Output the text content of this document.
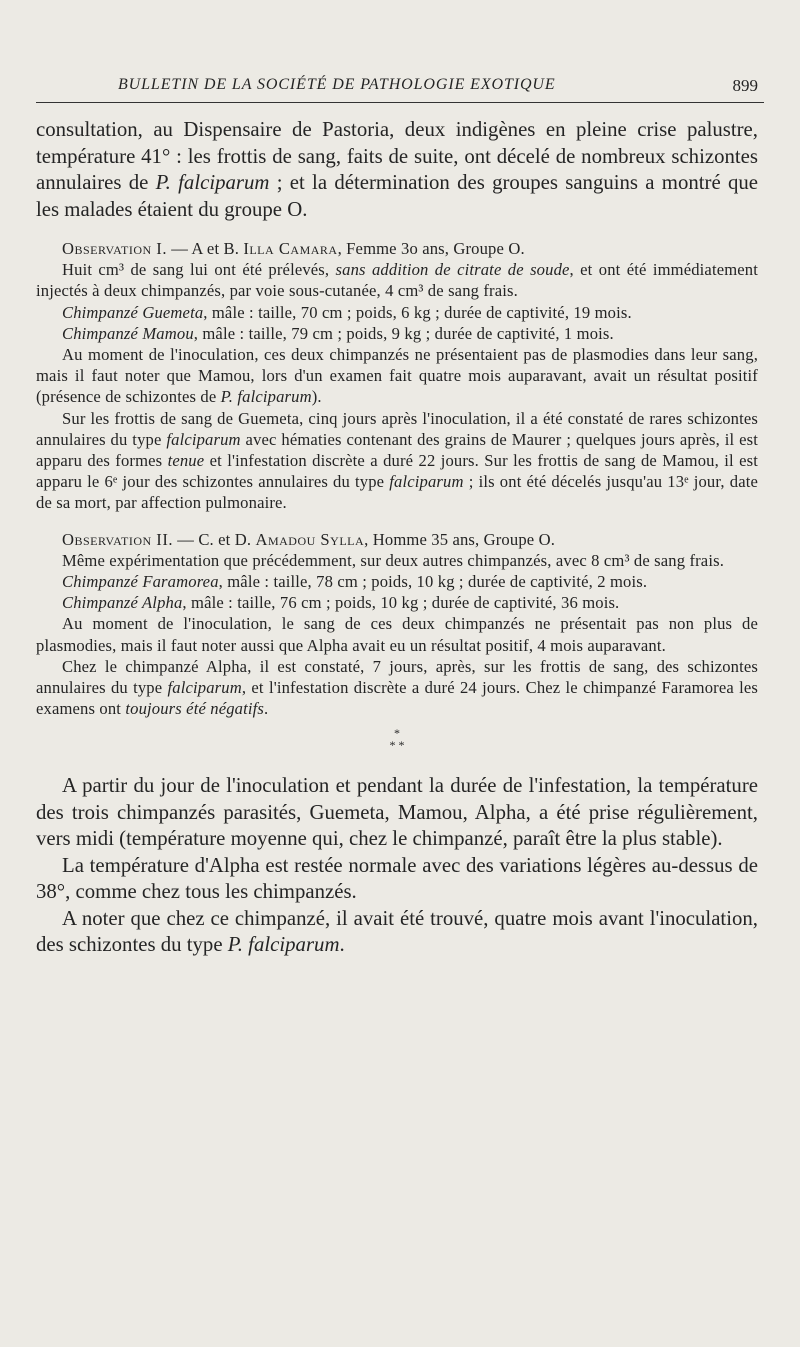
BULLETIN DE LA SOCIÉTÉ DE PATHOLOGIE EXOTIQUE	899

consultation, au Dispensaire de Pastoria, deux indigènes en pleine crise palustre, température 41° : les frottis de sang, faits de suite, ont décelé de nombreux schizontes annulaires de P. falciparum ; et la détermination des groupes sanguins a montré que les malades étaient du groupe O.

Observation I. — A et B. Illa Camara, Femme 3o ans, Groupe O.

Huit cm³ de sang lui ont été prélevés, sans addition de citrate de soude, et ont été immédiatement injectés à deux chimpanzés, par voie sous-cutanée, 4 cm³ de sang frais.

Chimpanzé Guemeta, mâle : taille, 70 cm ; poids, 6 kg ; durée de captivité, 19 mois.

Chimpanzé Mamou, mâle : taille, 79 cm ; poids, 9 kg ; durée de captivité, 1 mois.

Au moment de l'inoculation, ces deux chimpanzés ne présentaient pas de plasmodies dans leur sang, mais il faut noter que Mamou, lors d'un examen fait quatre mois auparavant, avait un résultat positif (présence de schizontes de P. falciparum).

Sur les frottis de sang de Guemeta, cinq jours après l'inoculation, il a été constaté de rares schizontes annulaires du type falciparum avec hématies contenant des grains de Maurer ; quelques jours après, il est apparu des formes tenue et l'infestation discrète a duré 22 jours. Sur les frottis de sang de Mamou, il est apparu le 6ᵉ jour des schizontes annulaires du type falciparum ; ils ont été décelés jusqu'au 13ᵉ jour, date de sa mort, par affection pulmonaire.

Observation II. — C. et D. Amadou Sylla, Homme 35 ans, Groupe O.

Même expérimentation que précédemment, sur deux autres chimpanzés, avec 8 cm³ de sang frais.

Chimpanzé Faramorea, mâle : taille, 78 cm ; poids, 10 kg ; durée de captivité, 2 mois.

Chimpanzé Alpha, mâle : taille, 76 cm ; poids, 10 kg ; durée de captivité, 36 mois.

Au moment de l'inoculation, le sang de ces deux chimpanzés ne présentait pas non plus de plasmodies, mais il faut noter aussi que Alpha avait eu un résultat positif, 4 mois auparavant.

Chez le chimpanzé Alpha, il est constaté, 7 jours, après, sur les frottis de sang, des schizontes annulaires du type falciparum, et l'infestation discrète a duré 24 jours. Chez le chimpanzé Faramorea les examens ont toujours été négatifs.

*
* *

A partir du jour de l'inoculation et pendant la durée de l'infestation, la température des trois chimpanzés parasités, Guemeta, Mamou, Alpha, a été prise régulièrement, vers midi (température moyenne qui, chez le chimpanzé, paraît être la plus stable).

La température d'Alpha est restée normale avec des variations légères au-dessus de 38°, comme chez tous les chimpanzés.

A noter que chez ce chimpanzé, il avait été trouvé, quatre mois avant l'inoculation, des schizontes du type P. falciparum.
